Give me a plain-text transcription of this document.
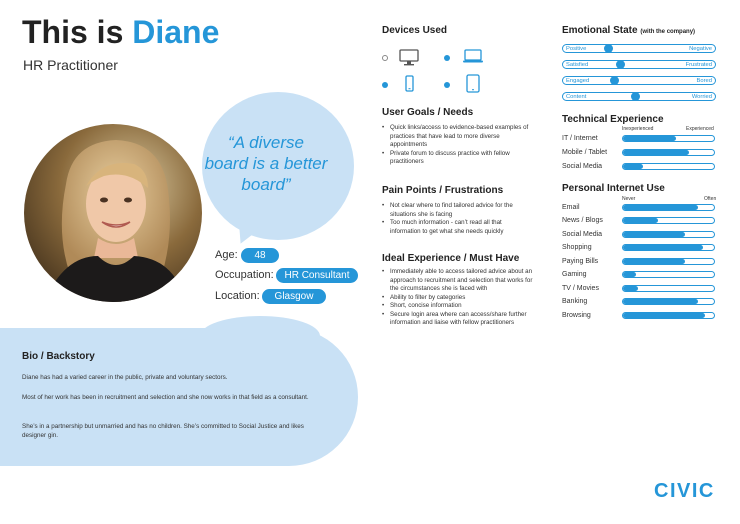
This is Diane
HR Practitioner
“A diverse board is a better board”
Age:	48
Occupation:	HR Consultant
Location:	Glasgow
Bio / Backstory
Diane has had a varied career in the public, private and voluntary sectors.
Most of her work has been in recruitment and selection and she now works in that field as a consultant.
She’s in a partnership but unmarried and has no children. She’s committed to Social Justice and likes designer gin.
Devices Used
User Goals / Needs
• Quick links/access to evidence-based examples of practices that have lead to more diverse appointments
• Private forum to discuss practice with fellow practitioners
Pain Points / Frustrations
• Not clear where to find tailored advice for the situations she is facing
• Too much information - can’t read all that information to get what she needs quickly
Ideal Experience / Must Have
• Immediately able to access tailored advice about an approach to recruitment and selection that works for the circumstances she is faced with
• Ability to filter by categories
• Short, concise information
• Secure login area where can access/share further information and liaise with fellow practitioners
Emotional State (with the company)
Positive	Negative
Satisfied	Frustrated
Engaged	Bored
Content	Worried
Technical Experience
Inexperienced	Experienced
IT / Internet
Mobile / Tablet
Social Media
Personal Internet Use
Never	Often
Email
News / Blogs
Social Media
Shopping
Paying Bills
Gaming
TV / Movies
Banking
Browsing
CIVIC
